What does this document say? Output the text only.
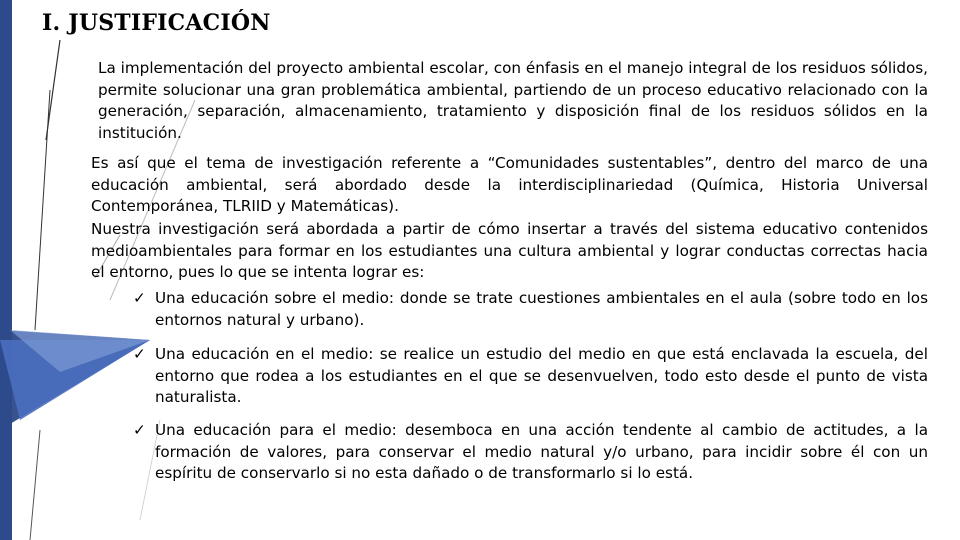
I. JUSTIFICACIÓN

La implementación del proyecto ambiental escolar, con énfasis en el manejo integral de los residuos sólidos, permite solucionar una gran problemática ambiental, partiendo de un proceso educativo relacionado con la generación, separación, almacenamiento, tratamiento y disposición final de los residuos sólidos en la institución.

Es así que el tema de investigación referente a “Comunidades sustentables”, dentro del marco de una educación ambiental, será abordado desde la interdisciplinariedad (Química, Historia Universal Contemporánea, TLRIID y Matemáticas).

Nuestra investigación será abordada a partir de cómo insertar a través del sistema educativo contenidos medioambientales para formar en los estudiantes una cultura ambiental y lograr conductas correctas hacia el entorno, pues lo que se intenta lograr es:

✓ Una educación sobre el medio: donde se trate cuestiones ambientales en el aula (sobre todo en los entornos natural y urbano).
✓ Una educación en el medio: se realice un estudio del medio en que está enclavada la escuela, del entorno que rodea a los estudiantes en el que se desenvuelven, todo esto desde el punto de vista naturalista.
✓ Una educación para el medio: desemboca en una acción tendente al cambio de actitudes, a la formación de valores, para conservar el medio natural y/o urbano, para incidir sobre él con un espíritu de conservarlo si no esta dañado o de transformarlo si lo está.
